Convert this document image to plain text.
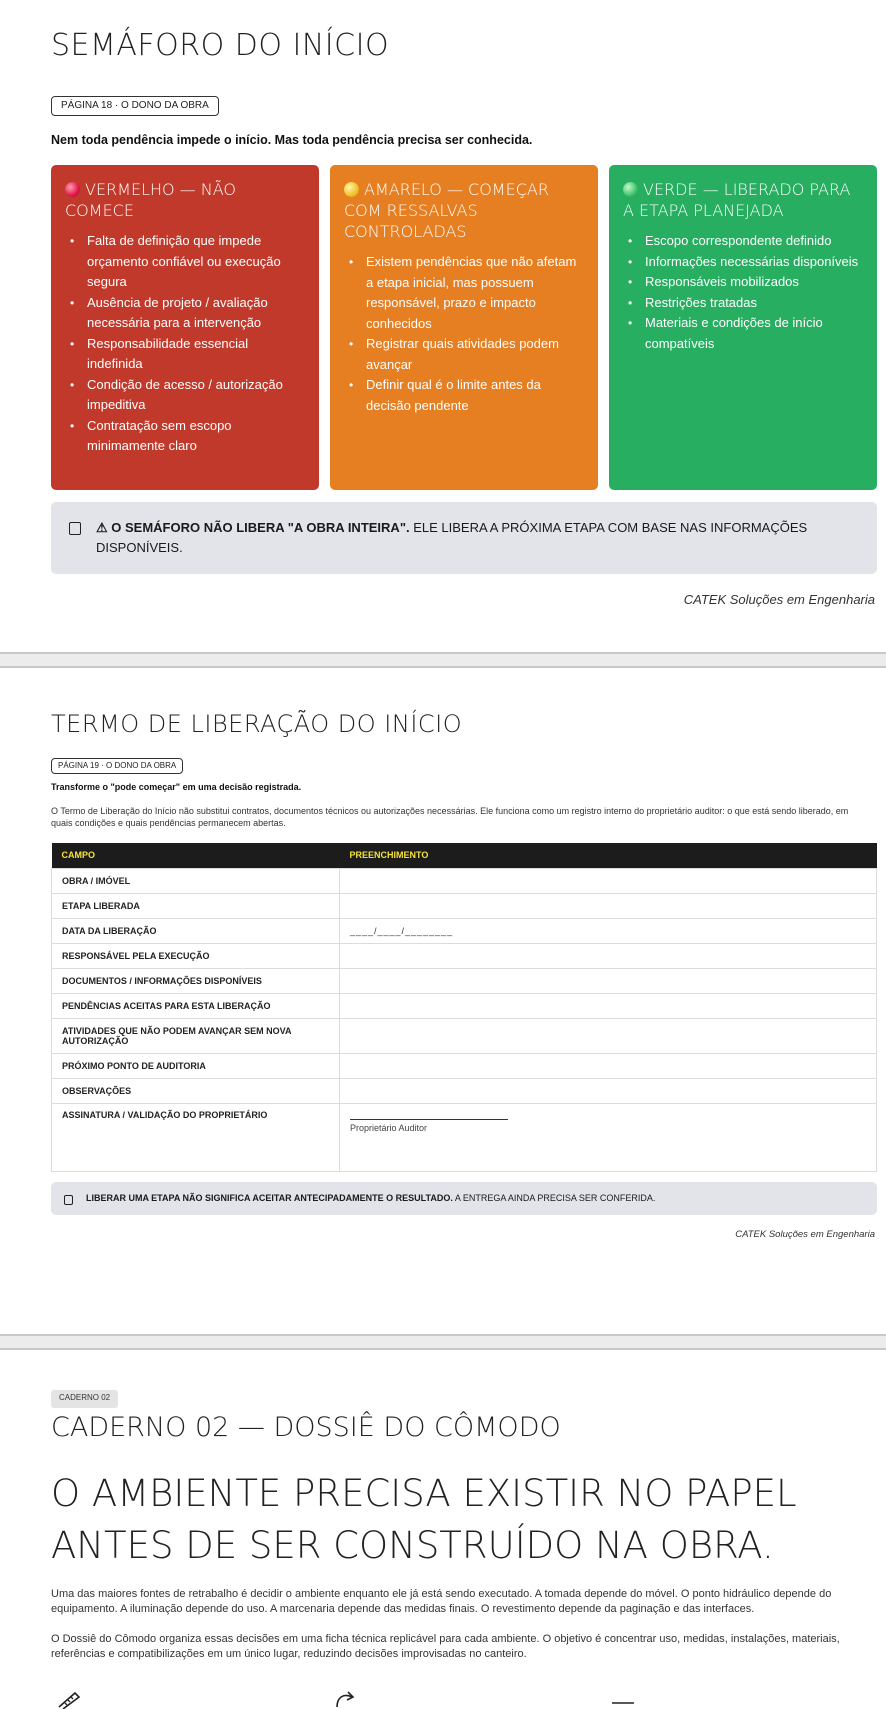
SEMÁFORO DO INÍCIO
PÁGINA 18 · O DONO DA OBRA

Nem toda pendência impede o início. Mas toda pendência precisa ser conhecida.

VERMELHO — NÃO COMECE
• Falta de definição que impede orçamento confiável ou execução segura
• Ausência de projeto / avaliação necessária para a intervenção
• Responsabilidade essencial indefinida
• Condição de acesso / autorização impeditiva
• Contratação sem escopo minimamente claro
AMARELO — COMEÇAR COM RESSALVAS CONTROLADAS
• Existem pendências que não afetam a etapa inicial, mas possuem responsável, prazo e impacto conhecidos
• Registrar quais atividades podem avançar
• Definir qual é o limite antes da decisão pendente
VERDE — LIBERADO PARA A ETAPA PLANEJADA
• Escopo correspondente definido
• Informações necessárias disponíveis
• Responsáveis mobilizados
• Restrições tratadas
• Materiais e condições de início compatíveis
⚠ O SEMÁFORO NÃO LIBERA "A OBRA INTEIRA". ELE LIBERA A PRÓXIMA ETAPA COM BASE NAS INFORMAÇÕES DISPONÍVEIS.
CATEK Soluções em Engenharia
TERMO DE LIBERAÇÃO DO INÍCIO
PÁGINA 19 · O DONO DA OBRA

Transforme o "pode começar" em uma decisão registrada.

O Termo de Liberação do Início não substitui contratos, documentos técnicos ou autorizações necessárias. Ele funciona como um registro interno do proprietário auditor: o que está sendo liberado, em quais condições e quais pendências permanecem abertas.

CAMPO	PREENCHIMENTO
OBRA / IMÓVEL	
ETAPA LIBERADA	
DATA DA LIBERAÇÃO	____/____/________
RESPONSÁVEL PELA EXECUÇÃO	
DOCUMENTOS / INFORMAÇÕES DISPONÍVEIS	
PENDÊNCIAS ACEITAS PARA ESTA LIBERAÇÃO	
ATIVIDADES QUE NÃO PODEM AVANÇAR SEM NOVA AUTORIZAÇÃO	
PRÓXIMO PONTO DE AUDITORIA	
OBSERVAÇÕES	
ASSINATURA / VALIDAÇÃO DO PROPRIETÁRIO	Proprietário Auditor
LIBERAR UMA ETAPA NÃO SIGNIFICA ACEITAR ANTECIPADAMENTE O RESULTADO. A ENTREGA AINDA PRECISA SER CONFERIDA.
CATEK Soluções em Engenharia
CADERNO 02
CADERNO 02 — DOSSIÊ DO CÔMODO
O AMBIENTE PRECISA EXISTIR NO PAPEL ANTES DE SER CONSTRUÍDO NA OBRA.

Uma das maiores fontes de retrabalho é decidir o ambiente enquanto ele já está sendo executado. A tomada depende do móvel. O ponto hidráulico depende do equipamento. A iluminação depende do uso. A marcenaria depende das medidas finais. O revestimento depende da paginação e das interfaces.

O Dossiê do Cômodo organiza essas decisões em uma ficha técnica replicável para cada ambiente. O objetivo é concentrar uso, medidas, instalações, materiais, referências e compatibilizações em um único lugar, reduzindo decisões improvisadas no canteiro.
